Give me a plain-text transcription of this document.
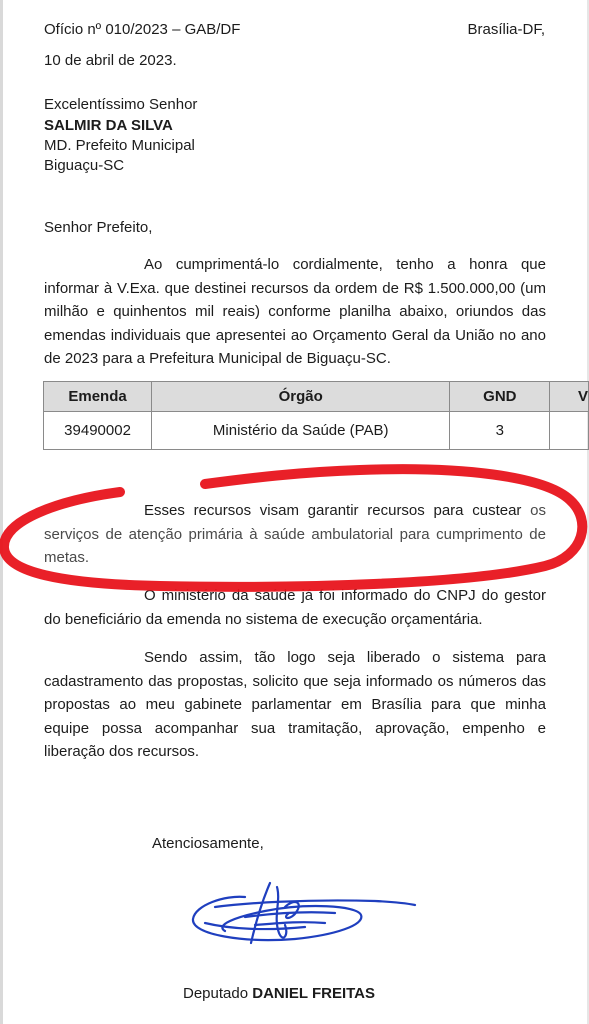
Ofício nº 010/2023 – GAB/DF	Brasília-DF,
10 de abril de 2023.
Excelentíssimo Senhor
SALMIR DA SILVA
MD. Prefeito Municipal
Biguaçu-SC
Senhor Prefeito,
Ao cumprimentá-lo cordialmente, tenho a honra que informar à V.Exa. que destinei recursos da ordem de R$ 1.500.000,00 (um milhão e quinhentos mil reais) conforme planilha abaixo, oriundos das emendas individuais que apresentei ao Orçamento Geral da União no ano de 2023 para a Prefeitura Municipal de Biguaçu-SC.
Emenda	Órgão	GND	V
39490002	Ministério da Saúde (PAB)	3	
Esses recursos visam garantir recursos para custear os serviços de atenção primária à saúde ambulatorial para cumprimento de metas.
O ministério da saúde já foi informado do CNPJ do gestor do beneficiário da emenda no sistema de execução orçamentária.
Sendo assim, tão logo seja liberado o sistema para cadastramento das propostas, solicito que seja informado os números das propostas ao meu gabinete parlamentar em Brasília para que minha equipe possa acompanhar sua tramitação, aprovação, empenho e liberação dos recursos.
Atenciosamente,
Deputado DANIEL FREITAS
